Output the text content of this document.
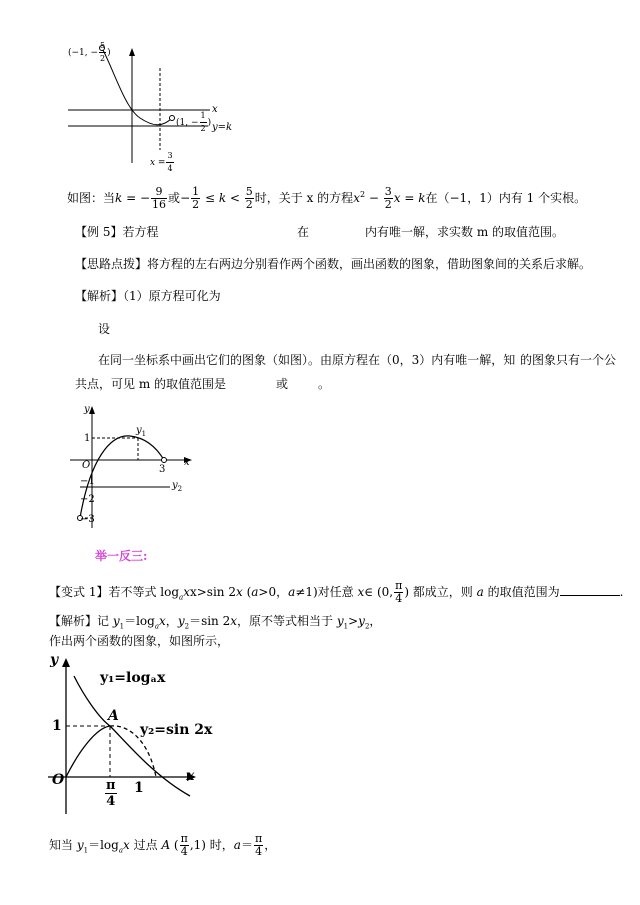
(−1, − $\frac{5}{2}$ )
(1, − $\frac{1}{2}$ )
x
y=k
$x = \frac{3}{4}$
如图：当k = − $\frac{9}{16}$ 或− $\frac{1}{2} \le k < \frac{5}{2}$ 时，关于 x 的方程$x^2 - \frac{3}{2}$ x = k在（−1，1）内有 1 个实根。
【例 5】若方程	在	内有唯一解，求实数 m 的取值范围。
【思路点拨】将方程的左右两边分别看作两个函数，画出函数的图象，借助图象间的关系后求解。
【解析】（1）原方程可化为
设
在同一坐标系中画出它们的图象（如图）。由原方程在（0，3）内有唯一解，知 的图象只有一个公
共点，可见 m 的取值范围是	或 。
y
$y_1$
$y_2$
x
O
1
−1
−2
−3
3
举一反三:
【变式 1】若不等式 $\log_axx>\sin$ 2x (a>0，a≠1)对任意 x∈ (0, $\frac{\pi}{4}$ ) 都成立，则 a 的取值范围为	.
【解析】记 $y_1=\log_ax$，$y_2=\sin$ 2x，原不等式相当于 $y_1>y_2$，
作出两个函数的图象，如图所示，
y
y₁=logₐx
y₂=sin 2x
A
1
O	x
$\frac{\pi}{4} 1$
知当 $y_1=\log_ax$ 过点 A ( $\frac{\pi}{4} ,1$) 时，$a= \frac{\pi}{4}$ ，
